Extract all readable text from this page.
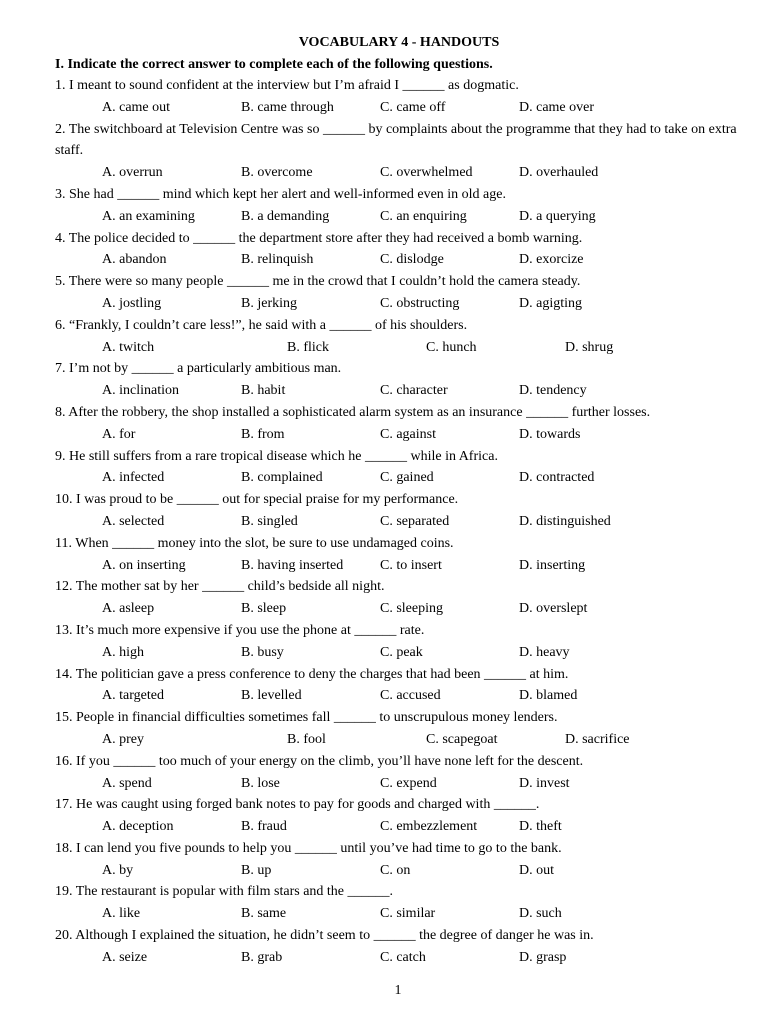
VOCABULARY 4 - HANDOUTS
I. Indicate the correct answer to complete each of the following questions.
1. I meant to sound confident at the interview but I’m afraid I ______ as dogmatic.
A. came out	B. came through	C. came off	D. came over
2. The switchboard at Television Centre was so ______ by complaints about the programme that they had to take on extra staff.
A. overrun	B. overcome	C. overwhelmed	D. overhauled
3. She had ______ mind which kept her alert and well-informed even in old age.
A. an examining	B. a demanding	C. an enquiring	D. a querying
4. The police decided to ______ the department store after they had received a bomb warning.
A. abandon	B. relinquish	C. dislodge	D. exorcize
5. There were so many people ______ me in the crowd that I couldn’t hold the camera steady.
A. jostling	B. jerking	C. obstructing	D. agigting
6. “Frankly, I couldn’t care less!”, he said with a ______ of his shoulders.
A. twitch	B. flick	C. hunch	D. shrug
7. I’m not by ______ a particularly ambitious man.
A. inclination	B. habit	C. character	D. tendency
8. After the robbery, the shop installed a sophisticated alarm system as an insurance ______ further losses.
A. for	B. from	C. against	D. towards
9. He still suffers from a rare tropical disease which he ______ while in Africa.
A. infected	B. complained	C. gained	D. contracted
10. I was proud to be ______ out for special praise for my performance.
A. selected	B. singled	C. separated	D. distinguished
11. When ______ money into the slot, be sure to use undamaged coins.
A. on inserting	B. having inserted	C. to insert	D. inserting
12. The mother sat by her ______ child’s bedside all night.
A. asleep	B. sleep	C. sleeping	D. overslept
13. It’s much more expensive if you use the phone at ______ rate.
A. high	B. busy	C. peak	D. heavy
14. The politician gave a press conference to deny the charges that had been ______ at him.
A. targeted	B. levelled	C. accused	D. blamed
15. People in financial difficulties sometimes fall ______ to unscrupulous money lenders.
A. prey	B. fool	C. scapegoat	D. sacrifice
16. If you ______ too much of your energy on the climb, you’ll have none left for the descent.
A. spend	B. lose	C. expend	D. invest
17. He was caught using forged bank notes to pay for goods and charged with ______.
A. deception	B. fraud	C. embezzlement	D. theft
18. I can lend you five pounds to help you ______ until you’ve had time to go to the bank.
A. by	B. up	C. on	D. out
19. The restaurant is popular with film stars and the ______.
A. like	B. same	C. similar	D. such
20. Although I explained the situation, he didn’t seem to ______ the degree of danger he was in.
A. seize	B. grab	C. catch	D. grasp
1
